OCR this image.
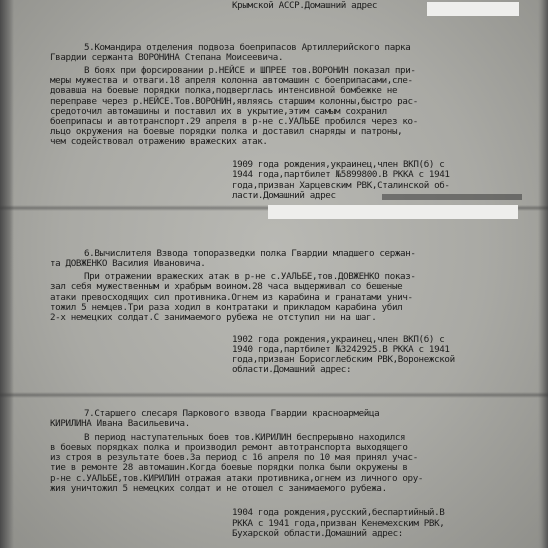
Крымской АССР.Домашний адрес
5.Командира отделения подвоза боеприпасов Артиллерийского парка
Гвардии сержанта ВОРОНИНА Степана Моисеевича.
В боях при форсировании р.НЕЙСЕ и ШПРЕЕ тов.ВОРОНИН показал при-
меры мужества и отваги.18 апреля колонна автомашин с боеприпасами,сле-
довавша на боевые порядки полка,подверглась интенсивной бомбежке не
переправе через р.НЕЙСЕ.Тов.ВОРОНИН,являясь старшим колонны,быстро рас-
средоточил автомашины и поставил их в укрытие,этим самым сохранил
боеприпасы и автотранспорт.29 апреля в р-не с.УАЛЬБЕ пробился через ко-
льцо окружения на боевые порядки полка и доставил снаряды и патроны,
чем содействовал отражению вражеских атак.
1909 года рождения,украинец,член ВКП(б) с
1944 года,партбилет №5899800.В РККА с 1941
года,призван Харцевским РВК,Сталинской об-
ласти.Домашний адрес
6.Вычислителя Взвода топоразведки полка Гвардии младшего сержан-
та ДОВЖЕНКО Василия Ивановича.
При отражении вражеских атак в р-не с.УАЛЬБЕ,тов.ДОВЖЕНКО показ-
зал себя мужественным и храбрым воином.28 часа выдерживал со бешеные
атаки превосходящих сил противника.Огнем из карабина и гранатами унич-
тожил 5 немцев.Три раза ходил в контратаки и прикладом карабина убил
2-х немецких солдат.С занимаемого рубежа не отступил ни на шаг.
1902 года рождения,украинец,член ВКП(б) с
1940 года,партбилет №3242925.В РККА с 1941
года,призван Борисоглебским РВК,Воронежской
области.Домашний адрес:
7.Старшего слесаря Паркового взвода Гвардии красноармейца
КИРИЛИНА Ивана Васильевича.
В период наступательных боев тов.КИРИЛИН беспрерывно находился
в боевых порядках полка и производил ремонт автотранспорта выходящего
из строя в результате боев.За период с 16 апреля по 10 мая принял учас-
тие в ремонте 28 автомашин.Когда боевые порядки полка были окружены в
р-не с.УАЛЬБЕ,тов.КИРИЛИН отражая атаки противника,огнем из личного ору-
жия уничтожил 5 немецких солдат и не отошел с занимаемого рубежа.
1904 года рождения,русский,беспартийный.В
РККА с 1941 года,призван Кенемехским РВК,
Бухарской области.Домашний адрес:
